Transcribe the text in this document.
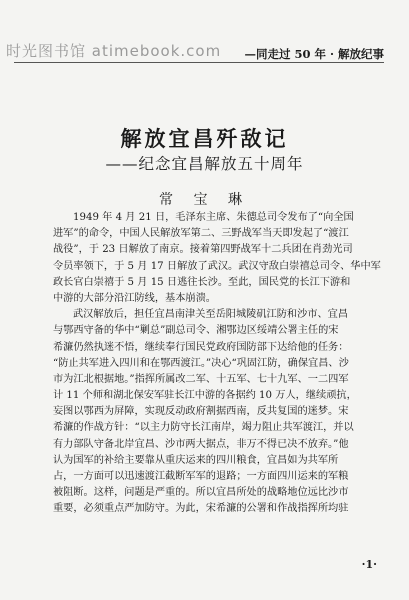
时光图书馆 atimebook.com —同走过 50 年 · 解放纪事
解放宜昌歼敌记
——纪念宜昌解放五十周年
常 宝 琳
1949 年 4 月 21 日，毛泽东主席、朱德总司令发布了“向全国
进军”的命令，中国人民解放军第二、三野战军当天即发起了“渡江
战役”，于 23 日解放了南京。接着第四野战军十二兵团在肖劲光司
令员率领下，于 5 月 17 日解放了武汉。武汉守敌白崇禧总司令、华中军
政长官白崇禧于 5 月 15 日逃往长沙。至此，国民党的长江下游和
中游的大部分沿江防线，基本崩溃。
武汉解放后，担任宜昌南津关至岳阳城陵矶江防和沙市、宜昌
与鄂西守备的华中“剿总”副总司令、湘鄂边区绥靖公署主任的宋
希濂仍然执迷不悟，继续奉行国民党政府国防部下达给他的任务：
“防止共军进入四川和在鄂西渡江。”决心“巩固江防，确保宜昌、沙
市为江北根据地。”指挥所属改二军、十五军、七十九军、一二四军
计 11 个师和湖北保安军驻长江中游的各据约 10 万人，继续顽抗，
妄图以鄂西为屏障，实现反动政府割据西南，反共复国的迷梦。宋
希濂的作战方针：“以主力防守长江南岸，竭力阻止共军渡江，并以
有力部队守备北岸宜昌、沙市两大据点，非万不得已决不放弃。”他
认为国军的补给主要靠从重庆运来的四川粮食，宜昌如为共军所
占，一方面可以迅速渡江截断军军的退路；一方面四川运来的军粮
被阻断。这样，问题是严重的。所以宜昌所处的战略地位远比沙市
重要，必须重点严加防守。为此，宋希濂的公署和作战指挥所均驻
·1·
